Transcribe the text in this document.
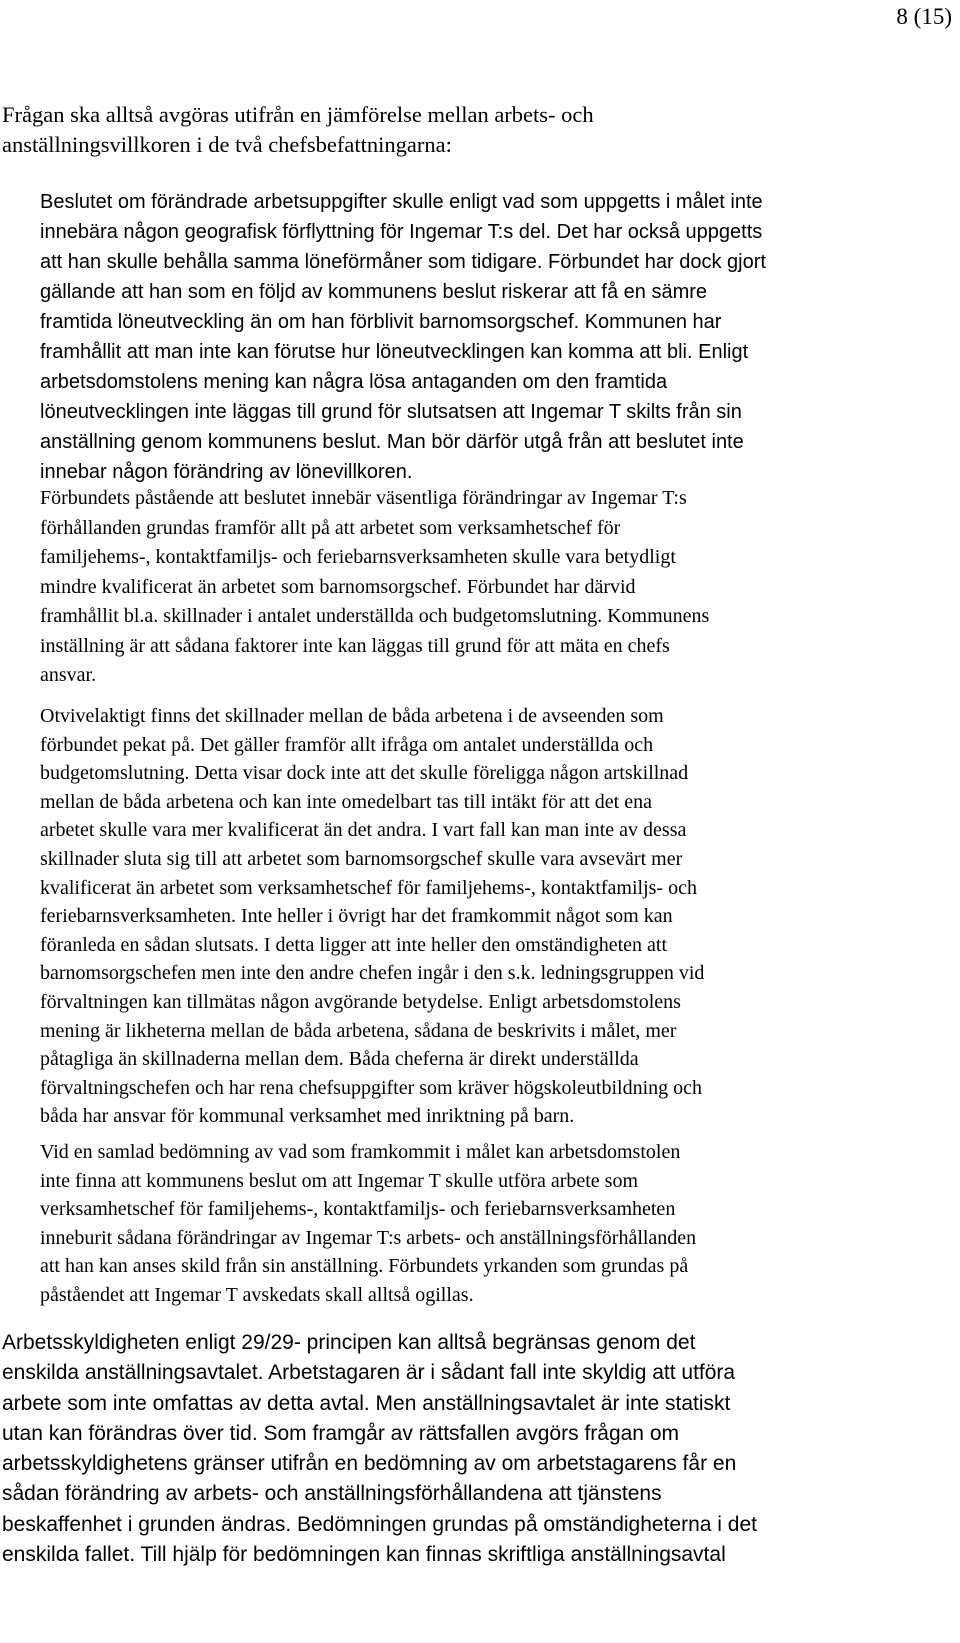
8 (15)
Frågan ska alltså avgöras utifrån en jämförelse mellan arbets- och
anställningsvillkoren i de två chefsbefattningarna:
Beslutet om förändrade arbetsuppgifter skulle enligt vad som uppgetts i målet inte
innebära någon geografisk förflyttning för Ingemar T:s del. Det har också uppgetts
att han skulle behålla samma löneförmåner som tidigare. Förbundet har dock gjort
gällande att han som en följd av kommunens beslut riskerar att få en sämre
framtida löneutveckling än om han förblivit barnomsorgschef. Kommunen har
framhållit att man inte kan förutse hur löneutvecklingen kan komma att bli. Enligt
arbetsdomstolens mening kan några lösa antaganden om den framtida
löneutvecklingen inte läggas till grund för slutsatsen att Ingemar T skilts från sin
anställning genom kommunens beslut. Man bör därför utgå från att beslutet inte
innebar någon förändring av lönevillkoren.
Förbundets påstående att beslutet innebär väsentliga förändringar av Ingemar T:s
förhållanden grundas framför allt på att arbetet som verksamhetschef för
familjehems-, kontaktfamiljs- och feriebarnsverksamheten skulle vara betydligt
mindre kvalificerat än arbetet som barnomsorgschef. Förbundet har därvid
framhållit bl.a. skillnader i antalet underställda och budgetomslutning. Kommunens
inställning är att sådana faktorer inte kan läggas till grund för att mäta en chefs
ansvar.
Otvivelaktigt finns det skillnader mellan de båda arbetena i de avseenden som
förbundet pekat på. Det gäller framför allt ifråga om antalet underställda och
budgetomslutning. Detta visar dock inte att det skulle föreligga någon artskillnad
mellan de båda arbetena och kan inte omedelbart tas till intäkt för att det ena
arbetet skulle vara mer kvalificerat än det andra. I vart fall kan man inte av dessa
skillnader sluta sig till att arbetet som barnomsorgschef skulle vara avsevärt mer
kvalificerat än arbetet som verksamhetschef för familjehems-, kontaktfamiljs- och
feriebarnsverksamheten. Inte heller i övrigt har det framkommit något som kan
föranleda en sådan slutsats. I detta ligger att inte heller den omständigheten att
barnomsorgschefen men inte den andre chefen ingår i den s.k. ledningsgruppen vid
förvaltningen kan tillmätas någon avgörande betydelse. Enligt arbetsdomstolens
mening är likheterna mellan de båda arbetena, sådana de beskrivits i målet, mer
påtagliga än skillnaderna mellan dem. Båda cheferna är direkt underställda
förvaltningschefen och har rena chefsuppgifter som kräver högskoleutbildning och
båda har ansvar för kommunal verksamhet med inriktning på barn.
Vid en samlad bedömning av vad som framkommit i målet kan arbetsdomstolen
inte finna att kommunens beslut om att Ingemar T skulle utföra arbete som
verksamhetschef för familjehems-, kontaktfamiljs- och feriebarnsverksamheten
inneburit sådana förändringar av Ingemar T:s arbets- och anställningsförhållanden
att han kan anses skild från sin anställning. Förbundets yrkanden som grundas på
påståendet att Ingemar T avskedats skall alltså ogillas.
Arbetsskyldigheten enligt 29/29- principen kan alltså begränsas genom det
enskilda anställningsavtalet. Arbetstagaren är i sådant fall inte skyldig att utföra
arbete som inte omfattas av detta avtal. Men anställningsavtalet är inte statiskt
utan kan förändras över tid. Som framgår av rättsfallen avgörs frågan om
arbetsskyldighetens gränser utifrån en bedömning av om arbetstagarens får en
sådan förändring av arbets- och anställningsförhållandena att tjänstens
beskaffenhet i grunden ändras. Bedömningen grundas på omständigheterna i det
enskilda fallet. Till hjälp för bedömningen kan finnas skriftliga anställningsavtal
